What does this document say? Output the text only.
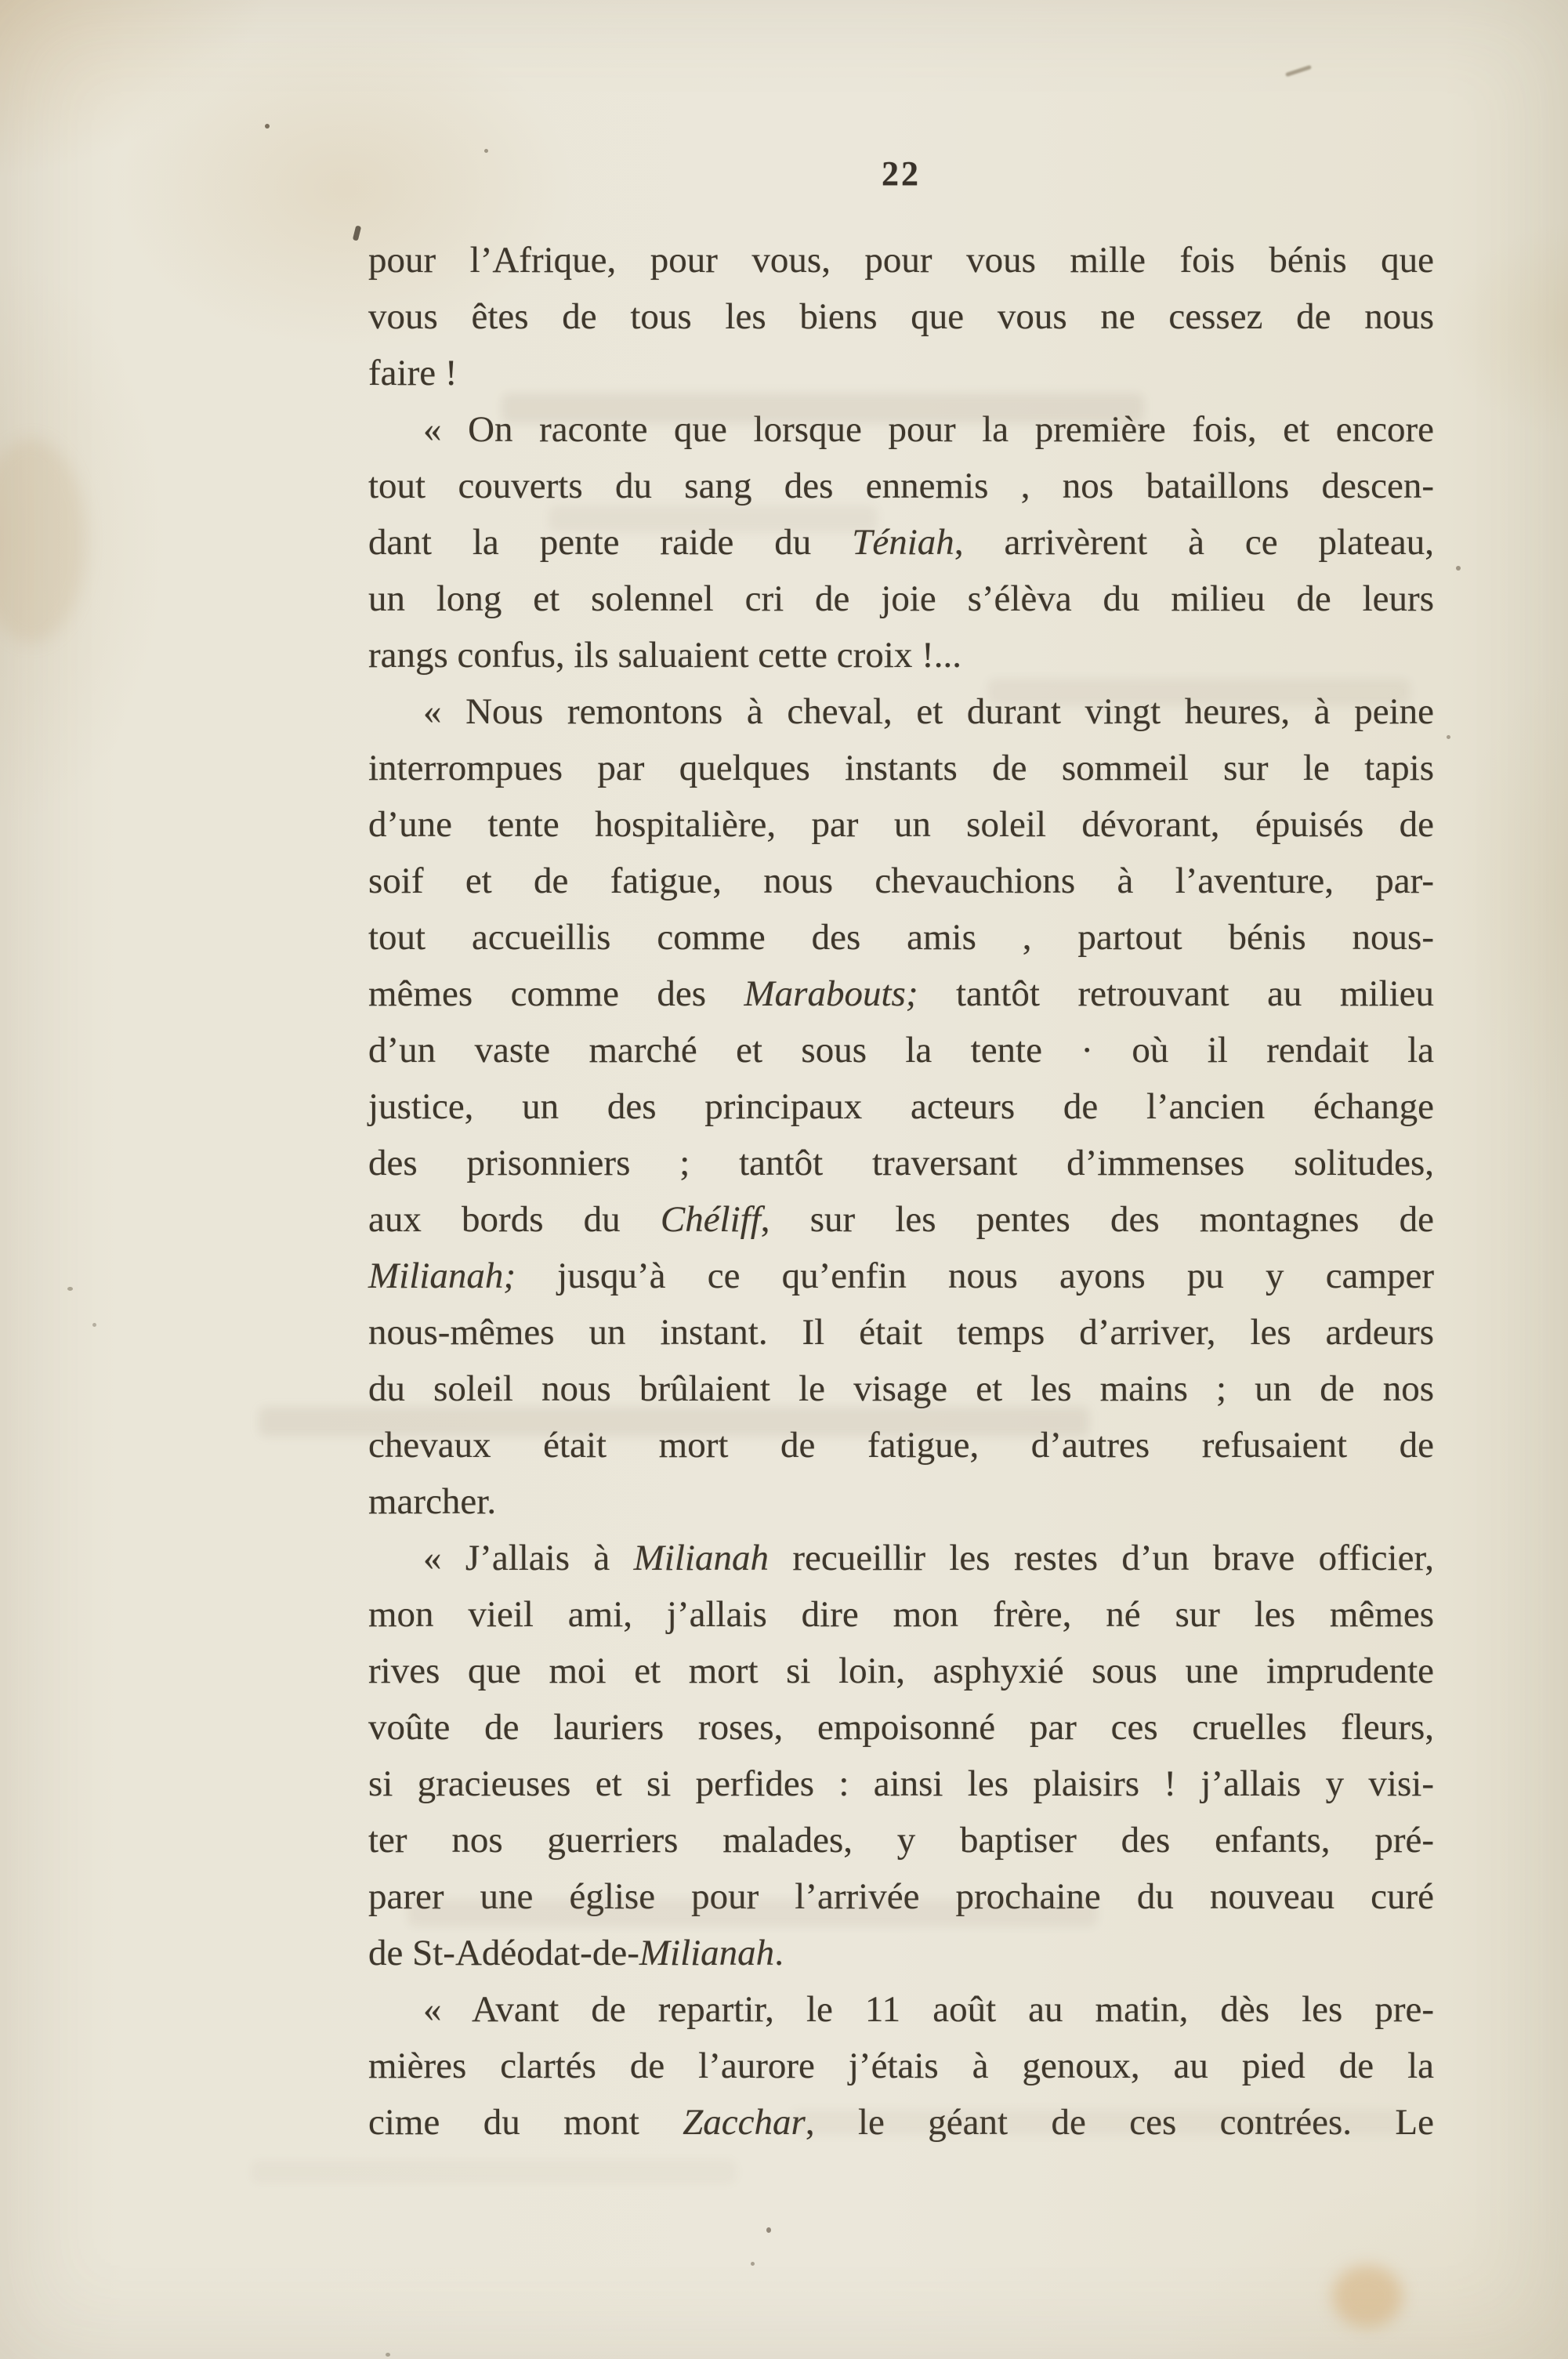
22
pour l’Afrique, pour vous, pour vous mille fois bénis que
vous êtes de tous les biens que vous ne cessez de nous
faire !
« On raconte que lorsque pour la première fois, et encore
tout couverts du sang des ennemis , nos bataillons descen-
dant la pente raide du Téniah, arrivèrent à ce plateau,
un long et solennel cri de joie s’élèva du milieu de leurs
rangs confus, ils saluaient cette croix !...
« Nous remontons à cheval, et durant vingt heures, à peine
interrompues par quelques instants de sommeil sur le tapis
d’une tente hospitalière, par un soleil dévorant, épuisés de
soif et de fatigue, nous chevauchions à l’aventure, par-
tout accueillis comme des amis , partout bénis nous-
mêmes comme des Marabouts; tantôt retrouvant au milieu
d’un vaste marché et sous la tente · où il rendait la
justice, un des principaux acteurs de l’ancien échange
des prisonniers ; tantôt traversant d’immenses solitudes,
aux bords du Chéliff, sur les pentes des montagnes de
Milianah; jusqu’à ce qu’enfin nous ayons pu y camper
nous-mêmes un instant. Il était temps d’arriver, les ardeurs
du soleil nous brûlaient le visage et les mains ; un de nos
chevaux était mort de fatigue, d’autres refusaient de
marcher.
« J’allais à Milianah recueillir les restes d’un brave officier,
mon vieil ami, j’allais dire mon frère, né sur les mêmes
rives que moi et mort si loin, asphyxié sous une imprudente
voûte de lauriers roses, empoisonné par ces cruelles fleurs,
si gracieuses et si perfides : ainsi les plaisirs ! j’allais y visi-
ter nos guerriers malades, y baptiser des enfants, pré-
parer une église pour l’arrivée prochaine du nouveau curé
de St-Adéodat-de-Milianah.
« Avant de repartir, le 11 août au matin, dès les pre-
mières clartés de l’aurore j’étais à genoux, au pied de la
cime du mont Zacchar, le géant de ces contrées. Le
